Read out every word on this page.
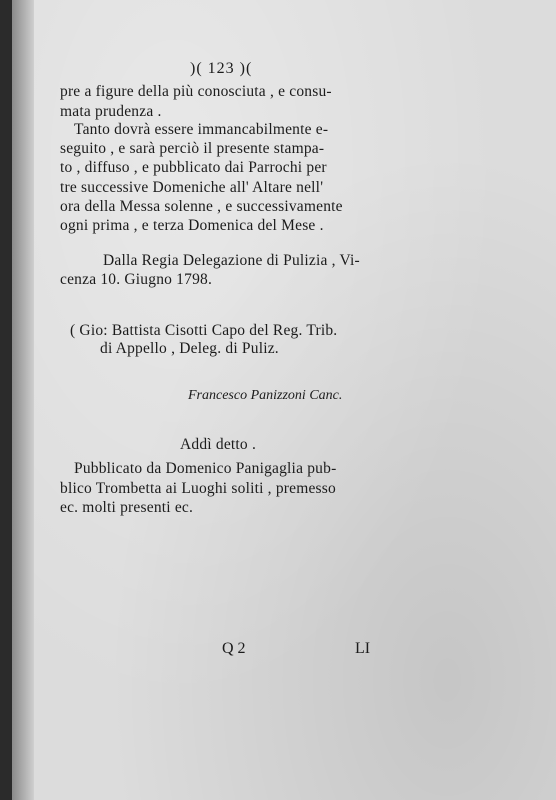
)( 123 )(
pre a figure della più conosciuta , e consu-
mata prudenza .
Tanto dovrà essere immancabilmente e-
seguito , e sarà perciò il presente stampa-
to , diffuso , e pubblicato dai Parrochi per
tre successive Domeniche all' Altare nell'
ora della Messa solenne , e successivamente
ogni prima , e terza Domenica del Mese .
Dalla Regia Delegazione di Pulizia , Vi-
cenza 10. Giugno 1798.
( Gio: Battista Cisotti Capo del Reg. Trib.
di Appello , Deleg. di Puliz.
Francesco Panizzoni Canc.
Addì detto .
Pubblicato da Domenico Panigaglia pub-
blico Trombetta ai Luoghi soliti , premesso
ec. molti presenti ec.
Q 2	LI
